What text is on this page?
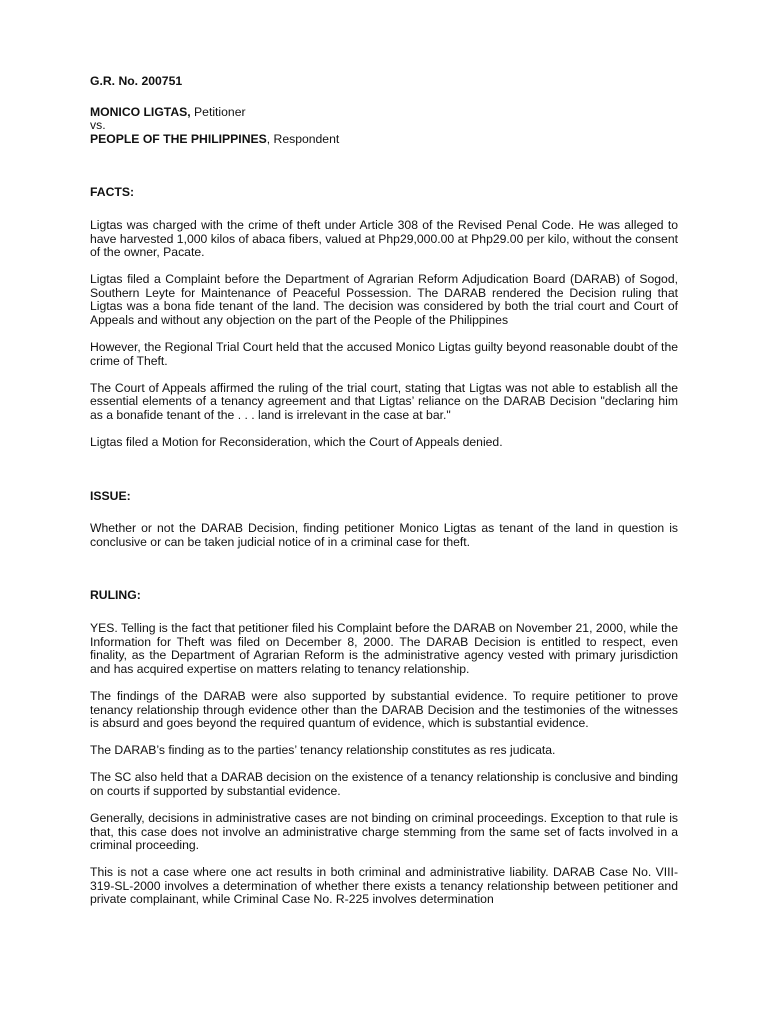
G.R. No. 200751

MONICO LIGTAS, Petitioner

vs.

PEOPLE OF THE PHILIPPINES, Respondent

FACTS:

Ligtas was charged with the crime of theft under Article 308 of the Revised Penal Code. He was alleged to have harvested 1,000 kilos of abaca fibers, valued at Php29,000.00 at Php29.00 per kilo, without the consent of the owner, Pacate.

Ligtas filed a Complaint before the Department of Agrarian Reform Adjudication Board (DARAB) of Sogod, Southern Leyte for Maintenance of Peaceful Possession. The DARAB rendered the Decision ruling that Ligtas was a bona fide tenant of the land. The decision was considered by both the trial court and Court of Appeals and without any objection on the part of the People of the Philippines

However, the Regional Trial Court held that the accused Monico Ligtas guilty beyond reasonable doubt of the crime of Theft.

The Court of Appeals affirmed the ruling of the trial court, stating that Ligtas was not able to establish all the essential elements of a tenancy agreement and that Ligtas’ reliance on the DARAB Decision "declaring him as a bonafide tenant of the . . . land is irrelevant in the case at bar."

Ligtas filed a Motion for Reconsideration, which the Court of Appeals denied.

ISSUE:

Whether or not the DARAB Decision, finding petitioner Monico Ligtas as tenant of the land in question is conclusive or can be taken judicial notice of in a criminal case for theft.

RULING:

YES. Telling is the fact that petitioner filed his Complaint before the DARAB on November 21, 2000, while the Information for Theft was filed on December 8, 2000. The DARAB Decision is entitled to respect, even finality, as the Department of Agrarian Reform is the administrative agency vested with primary jurisdiction and has acquired expertise on matters relating to tenancy relationship.

The findings of the DARAB were also supported by substantial evidence. To require petitioner to prove tenancy relationship through evidence other than the DARAB Decision and the testimonies of the witnesses is absurd and goes beyond the required quantum of evidence, which is substantial evidence.

The DARAB’s finding as to the parties’ tenancy relationship constitutes as res judicata.

The SC also held that a DARAB decision on the existence of a tenancy relationship is conclusive and binding on courts if supported by substantial evidence.

Generally, decisions in administrative cases are not binding on criminal proceedings. Exception to that rule is that, this case does not involve an administrative charge stemming from the same set of facts involved in a criminal proceeding.

This is not a case where one act results in both criminal and administrative liability. DARAB Case No. VIII-319-SL-2000 involves a determination of whether there exists a tenancy relationship between petitioner and private complainant, while Criminal Case No. R-225 involves determination
